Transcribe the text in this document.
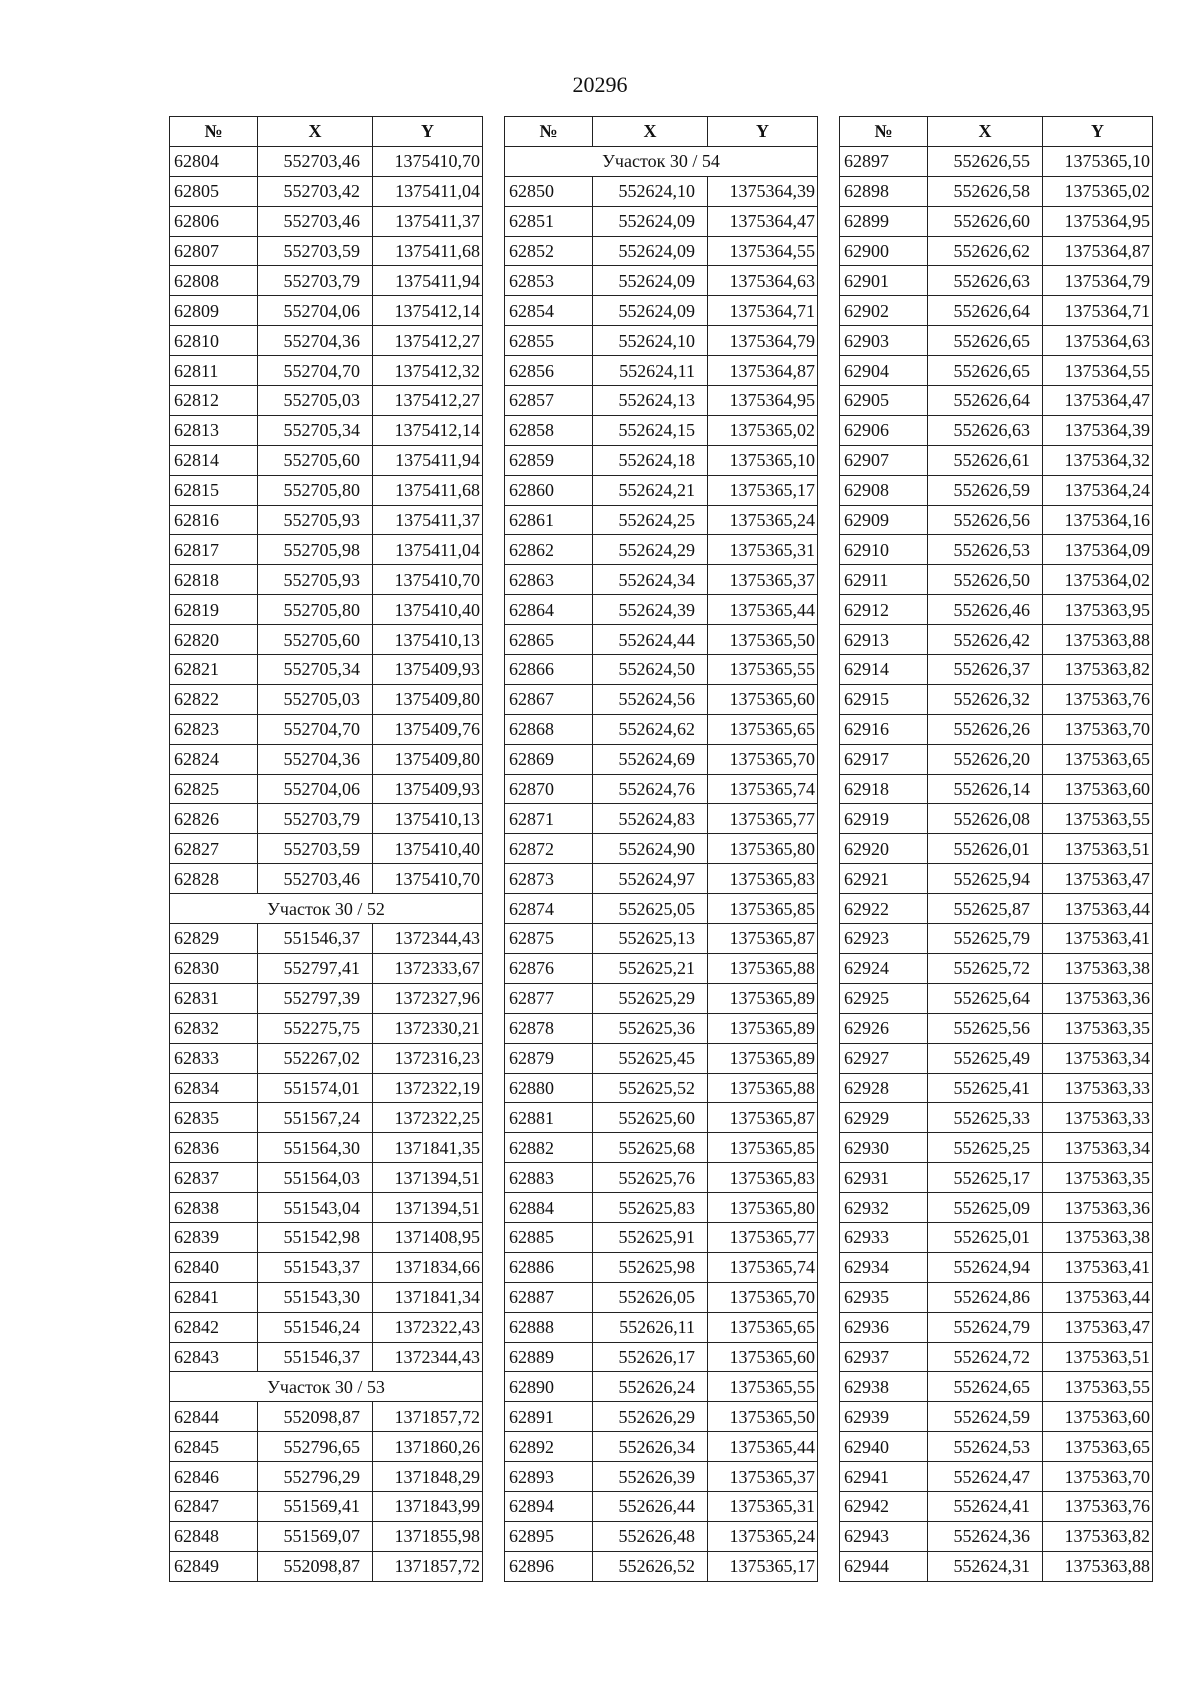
20296
№	X	Y
62804	552703,46	1375410,70
62805	552703,42	1375411,04
62806	552703,46	1375411,37
62807	552703,59	1375411,68
62808	552703,79	1375411,94
62809	552704,06	1375412,14
62810	552704,36	1375412,27
62811	552704,70	1375412,32
62812	552705,03	1375412,27
62813	552705,34	1375412,14
62814	552705,60	1375411,94
62815	552705,80	1375411,68
62816	552705,93	1375411,37
62817	552705,98	1375411,04
62818	552705,93	1375410,70
62819	552705,80	1375410,40
62820	552705,60	1375410,13
62821	552705,34	1375409,93
62822	552705,03	1375409,80
62823	552704,70	1375409,76
62824	552704,36	1375409,80
62825	552704,06	1375409,93
62826	552703,79	1375410,13
62827	552703,59	1375410,40
62828	552703,46	1375410,70
Участок 30 / 52		
62829	551546,37	1372344,43
62830	552797,41	1372333,67
62831	552797,39	1372327,96
62832	552275,75	1372330,21
62833	552267,02	1372316,23
62834	551574,01	1372322,19
62835	551567,24	1372322,25
62836	551564,30	1371841,35
62837	551564,03	1371394,51
62838	551543,04	1371394,51
62839	551542,98	1371408,95
62840	551543,37	1371834,66
62841	551543,30	1371841,34
62842	551546,24	1372322,43
62843	551546,37	1372344,43
Участок 30 / 53		
62844	552098,87	1371857,72
62845	552796,65	1371860,26
62846	552796,29	1371848,29
62847	551569,41	1371843,99
62848	551569,07	1371855,98
62849	552098,87	1371857,72
№	X	Y
Участок 30 / 54		
62850	552624,10	1375364,39
62851	552624,09	1375364,47
62852	552624,09	1375364,55
62853	552624,09	1375364,63
62854	552624,09	1375364,71
62855	552624,10	1375364,79
62856	552624,11	1375364,87
62857	552624,13	1375364,95
62858	552624,15	1375365,02
62859	552624,18	1375365,10
62860	552624,21	1375365,17
62861	552624,25	1375365,24
62862	552624,29	1375365,31
62863	552624,34	1375365,37
62864	552624,39	1375365,44
62865	552624,44	1375365,50
62866	552624,50	1375365,55
62867	552624,56	1375365,60
62868	552624,62	1375365,65
62869	552624,69	1375365,70
62870	552624,76	1375365,74
62871	552624,83	1375365,77
62872	552624,90	1375365,80
62873	552624,97	1375365,83
62874	552625,05	1375365,85
62875	552625,13	1375365,87
62876	552625,21	1375365,88
62877	552625,29	1375365,89
62878	552625,36	1375365,89
62879	552625,45	1375365,89
62880	552625,52	1375365,88
62881	552625,60	1375365,87
62882	552625,68	1375365,85
62883	552625,76	1375365,83
62884	552625,83	1375365,80
62885	552625,91	1375365,77
62886	552625,98	1375365,74
62887	552626,05	1375365,70
62888	552626,11	1375365,65
62889	552626,17	1375365,60
62890	552626,24	1375365,55
62891	552626,29	1375365,50
62892	552626,34	1375365,44
62893	552626,39	1375365,37
62894	552626,44	1375365,31
62895	552626,48	1375365,24
62896	552626,52	1375365,17
№	X	Y
62897	552626,55	1375365,10
62898	552626,58	1375365,02
62899	552626,60	1375364,95
62900	552626,62	1375364,87
62901	552626,63	1375364,79
62902	552626,64	1375364,71
62903	552626,65	1375364,63
62904	552626,65	1375364,55
62905	552626,64	1375364,47
62906	552626,63	1375364,39
62907	552626,61	1375364,32
62908	552626,59	1375364,24
62909	552626,56	1375364,16
62910	552626,53	1375364,09
62911	552626,50	1375364,02
62912	552626,46	1375363,95
62913	552626,42	1375363,88
62914	552626,37	1375363,82
62915	552626,32	1375363,76
62916	552626,26	1375363,70
62917	552626,20	1375363,65
62918	552626,14	1375363,60
62919	552626,08	1375363,55
62920	552626,01	1375363,51
62921	552625,94	1375363,47
62922	552625,87	1375363,44
62923	552625,79	1375363,41
62924	552625,72	1375363,38
62925	552625,64	1375363,36
62926	552625,56	1375363,35
62927	552625,49	1375363,34
62928	552625,41	1375363,33
62929	552625,33	1375363,33
62930	552625,25	1375363,34
62931	552625,17	1375363,35
62932	552625,09	1375363,36
62933	552625,01	1375363,38
62934	552624,94	1375363,41
62935	552624,86	1375363,44
62936	552624,79	1375363,47
62937	552624,72	1375363,51
62938	552624,65	1375363,55
62939	552624,59	1375363,60
62940	552624,53	1375363,65
62941	552624,47	1375363,70
62942	552624,41	1375363,76
62943	552624,36	1375363,82
62944	552624,31	1375363,88
